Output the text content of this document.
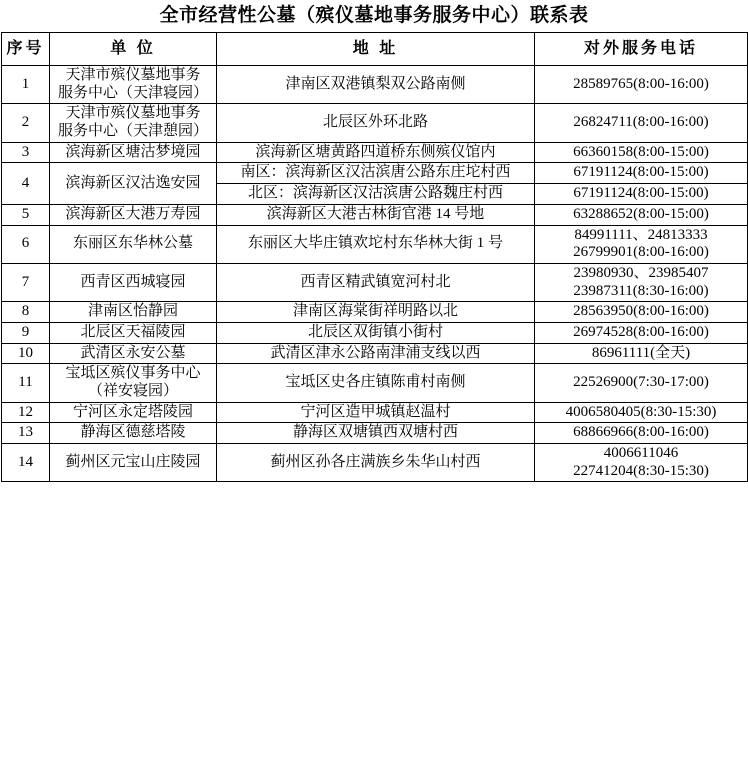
全市经营性公墓（殡仪墓地事务服务中心）联系表
序号	单 位	地 址	对外服务电话
1	天津市殡仪墓地事务
服务中心（天津寝园）	津南区双港镇梨双公路南侧	28589765(8:00-16:00)

2	天津市殡仪墓地事务
服务中心（天津憩园）	北辰区外环北路	26824711(8:00-16:00)

3	滨海新区塘沽梦境园	滨海新区塘黄路四道桥东侧殡仪馆内	66360158(8:00-15:00)

4	滨海新区汉沽逸安园	南区：滨海新区汉沽滨唐公路东庄坨村西	67191124(8:00-15:00)

		北区：滨海新区汉沽滨唐公路魏庄村西	67191124(8:00-15:00)

5	滨海新区大港万寿园	滨海新区大港古林街官港 14 号地	63288652(8:00-15:00)

6	东丽区东华林公墓	东丽区大毕庄镇欢坨村东华林大街 1 号	84991111、24813333
26799901(8:00-16:00)

7	西青区西城寝园	西青区精武镇宽河村北	23980930、23985407
23987311(8:30-16:00)

8	津南区怡静园	津南区海棠街祥明路以北	28563950(8:00-16:00)

9	北辰区天福陵园	北辰区双街镇小街村	26974528(8:00-16:00)

10	武清区永安公墓	武清区津永公路南津浦支线以西	86961111(全天)

11	宝坻区殡仪事务中心
（祥安寝园）	宝坻区史各庄镇陈甫村南侧	22526900(7:30-17:00)

12	宁河区永定塔陵园	宁河区造甲城镇赵温村	4006580405(8:30-15:30)

13	静海区德慈塔陵	静海区双塘镇西双塘村西	68866966(8:00-16:00)

14	蓟州区元宝山庄陵园	蓟州区孙各庄满族乡朱华山村西	4006611046
22741204(8:30-15:30)
